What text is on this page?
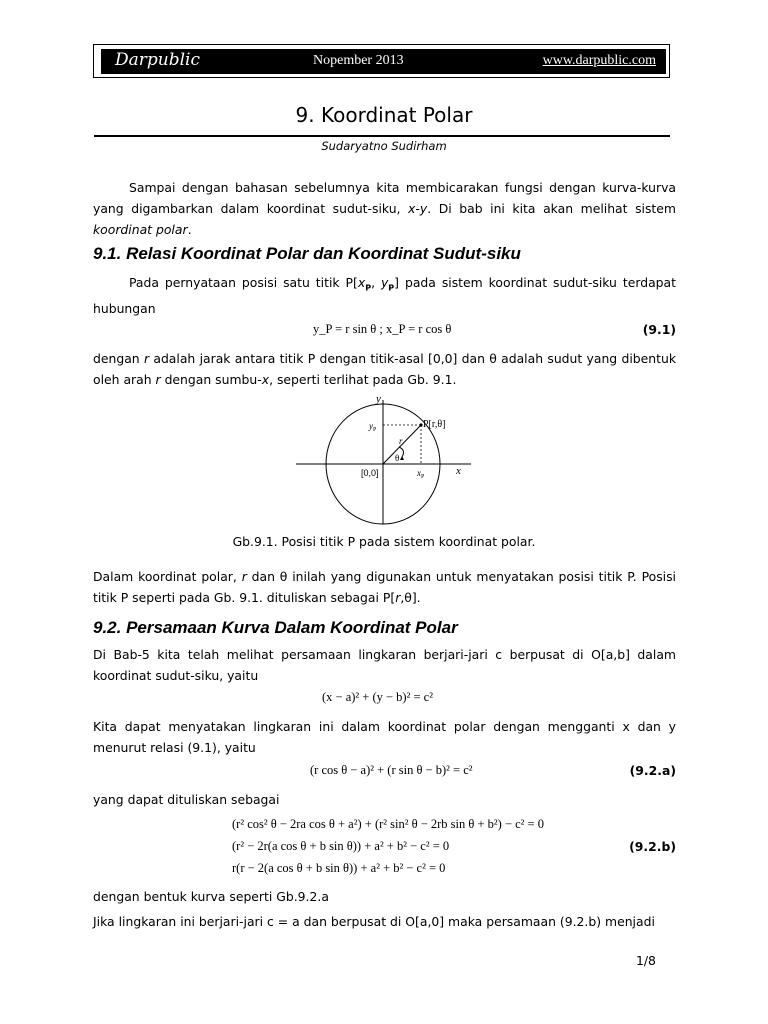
Darpublic	Nopember 2013	www.darpublic.com
9. Koordinat Polar
Sudaryatno Sudirham
Sampai dengan bahasan sebelumnya kita membicarakan fungsi dengan kurva-kurva yang digambarkan dalam koordinat sudut-siku, x-y. Di bab ini kita akan melihat sistem koordinat polar.
9.1. Relasi Koordinat Polar dan Koordinat Sudut-siku
Pada pernyataan posisi satu titik $P[x_P$, $y_P$] pada sistem koordinat sudut-siku terdapat hubungan
y_P = r sin θ ; x_P = r cos θ	(9.1)
dengan r adalah jarak antara titik P dengan titik-asal [0,0] dan θ adalah sudut yang dibentuk oleh arah r dengan sumbu-x, seperti terlihat pada Gb. 9.1.
y
x
P[r,θ]
$y_P$
r
θ
[0,0]	$x_P$
Gb.9.1. Posisi titik P pada sistem koordinat polar.
Dalam koordinat polar, r dan θ inilah yang digunakan untuk menyatakan posisi titik P. Posisi titik P seperti pada Gb. 9.1. dituliskan sebagai P[r,θ].
9.2. Persamaan Kurva Dalam Koordinat Polar
Di Bab-5 kita telah melihat persamaan lingkaran berjari-jari c berpusat di O[a,b] dalam koordinat sudut-siku, yaitu
(x − a)² + (y − b)² = c²
Kita dapat menyatakan lingkaran ini dalam koordinat polar dengan mengganti x dan y menurut relasi (9.1), yaitu
(r cos θ − a)² + (r sin θ − b)² = c²	(9.2.a)
yang dapat dituliskan sebagai
(r² cos² θ − 2ra cos θ + a²) + (r² sin² θ − 2rb sin θ + b²) − c² = 0
(r² − 2r(a cos θ + b sin θ)) + a² + b² − c² = 0
r(r − 2(a cos θ + b sin θ)) + a² + b² − c² = 0
(9.2.b)
dengan bentuk kurva seperti Gb.9.2.a
Jika lingkaran ini berjari-jari c = a dan berpusat di O[a,0] maka persamaan (9.2.b) menjadi
1/8
